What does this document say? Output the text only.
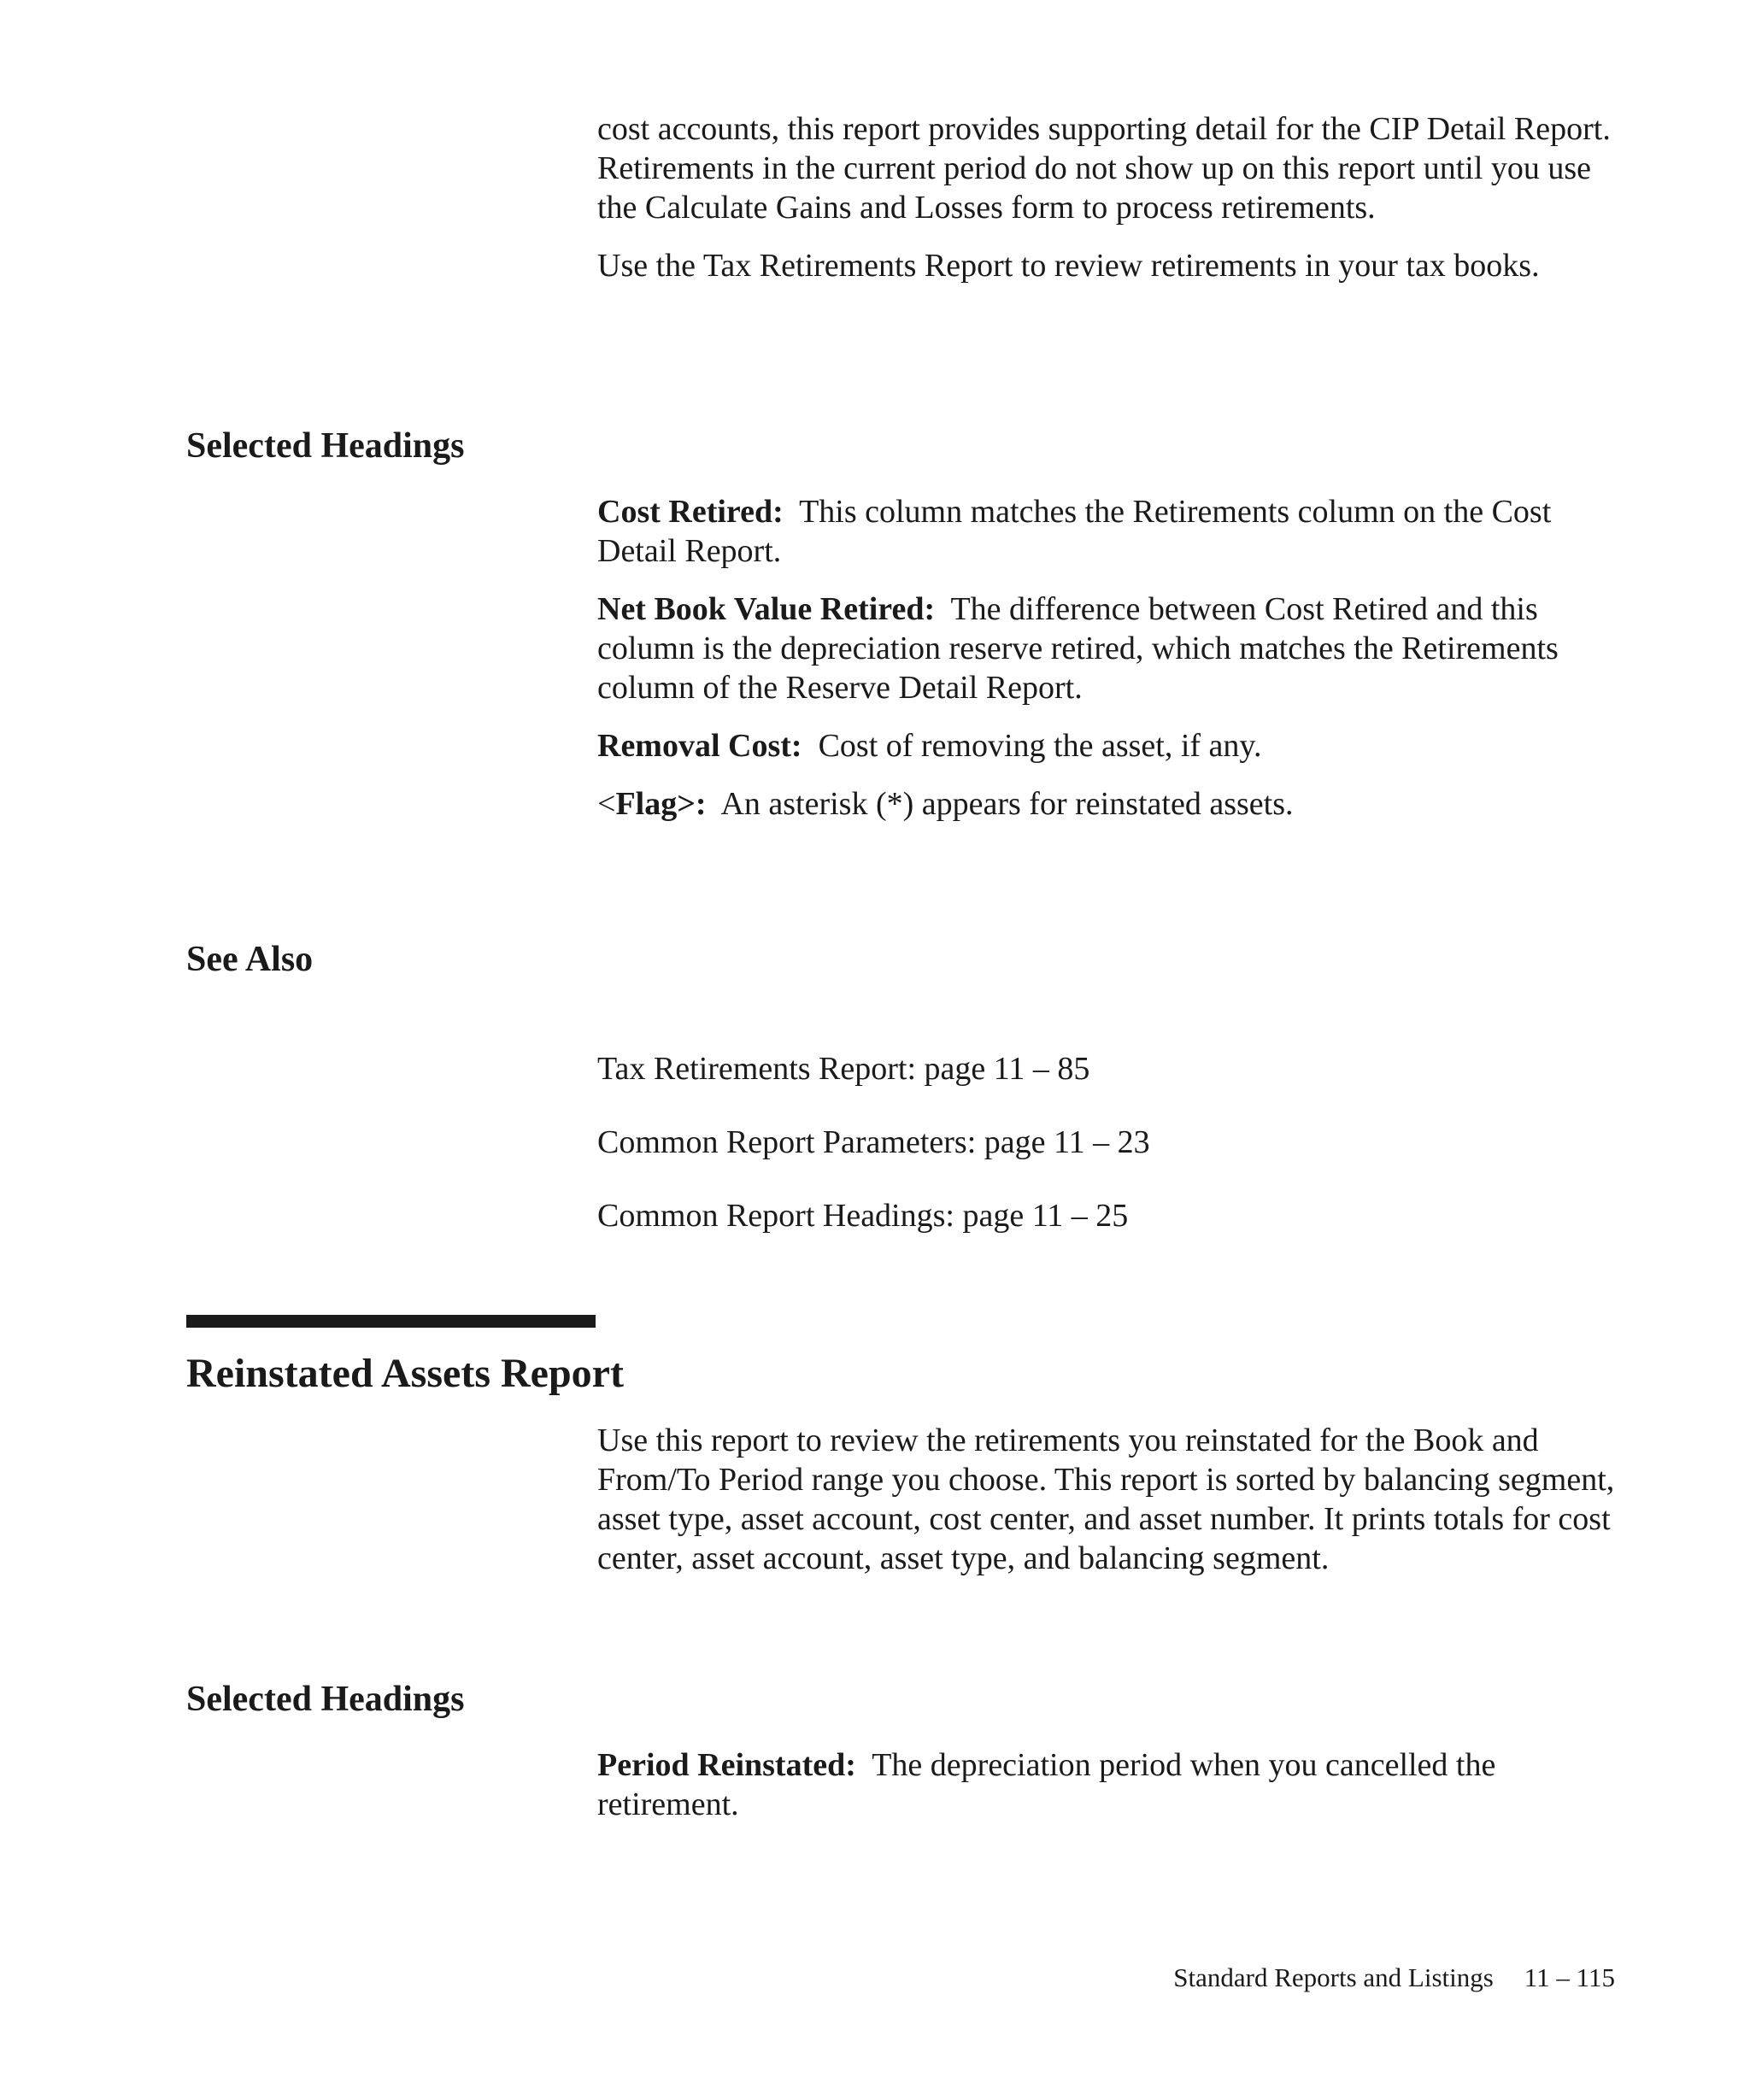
cost accounts, this report provides supporting detail for the CIP Detail Report. Retirements in the current period do not show up on this report until you use the Calculate Gains and Losses form to process retirements.

Use the Tax Retirements Report to review retirements in your tax books.

Selected Headings

Cost Retired: This column matches the Retirements column on the Cost Detail Report.

Net Book Value Retired: The difference between Cost Retired and this column is the depreciation reserve retired, which matches the Retirements column of the Reserve Detail Report.

Removal Cost: Cost of removing the asset, if any.

<Flag>: An asterisk (*) appears for reinstated assets.

See Also

Tax Retirements Report: page 11 – 85

Common Report Parameters: page 11 – 23

Common Report Headings: page 11 – 25

Reinstated Assets Report

Use this report to review the retirements you reinstated for the Book and From/To Period range you choose. This report is sorted by balancing segment, asset type, asset account, cost center, and asset number. It prints totals for cost center, asset account, asset type, and balancing segment.

Selected Headings

Period Reinstated: The depreciation period when you cancelled the retirement.

Standard Reports and Listings 11 – 115
